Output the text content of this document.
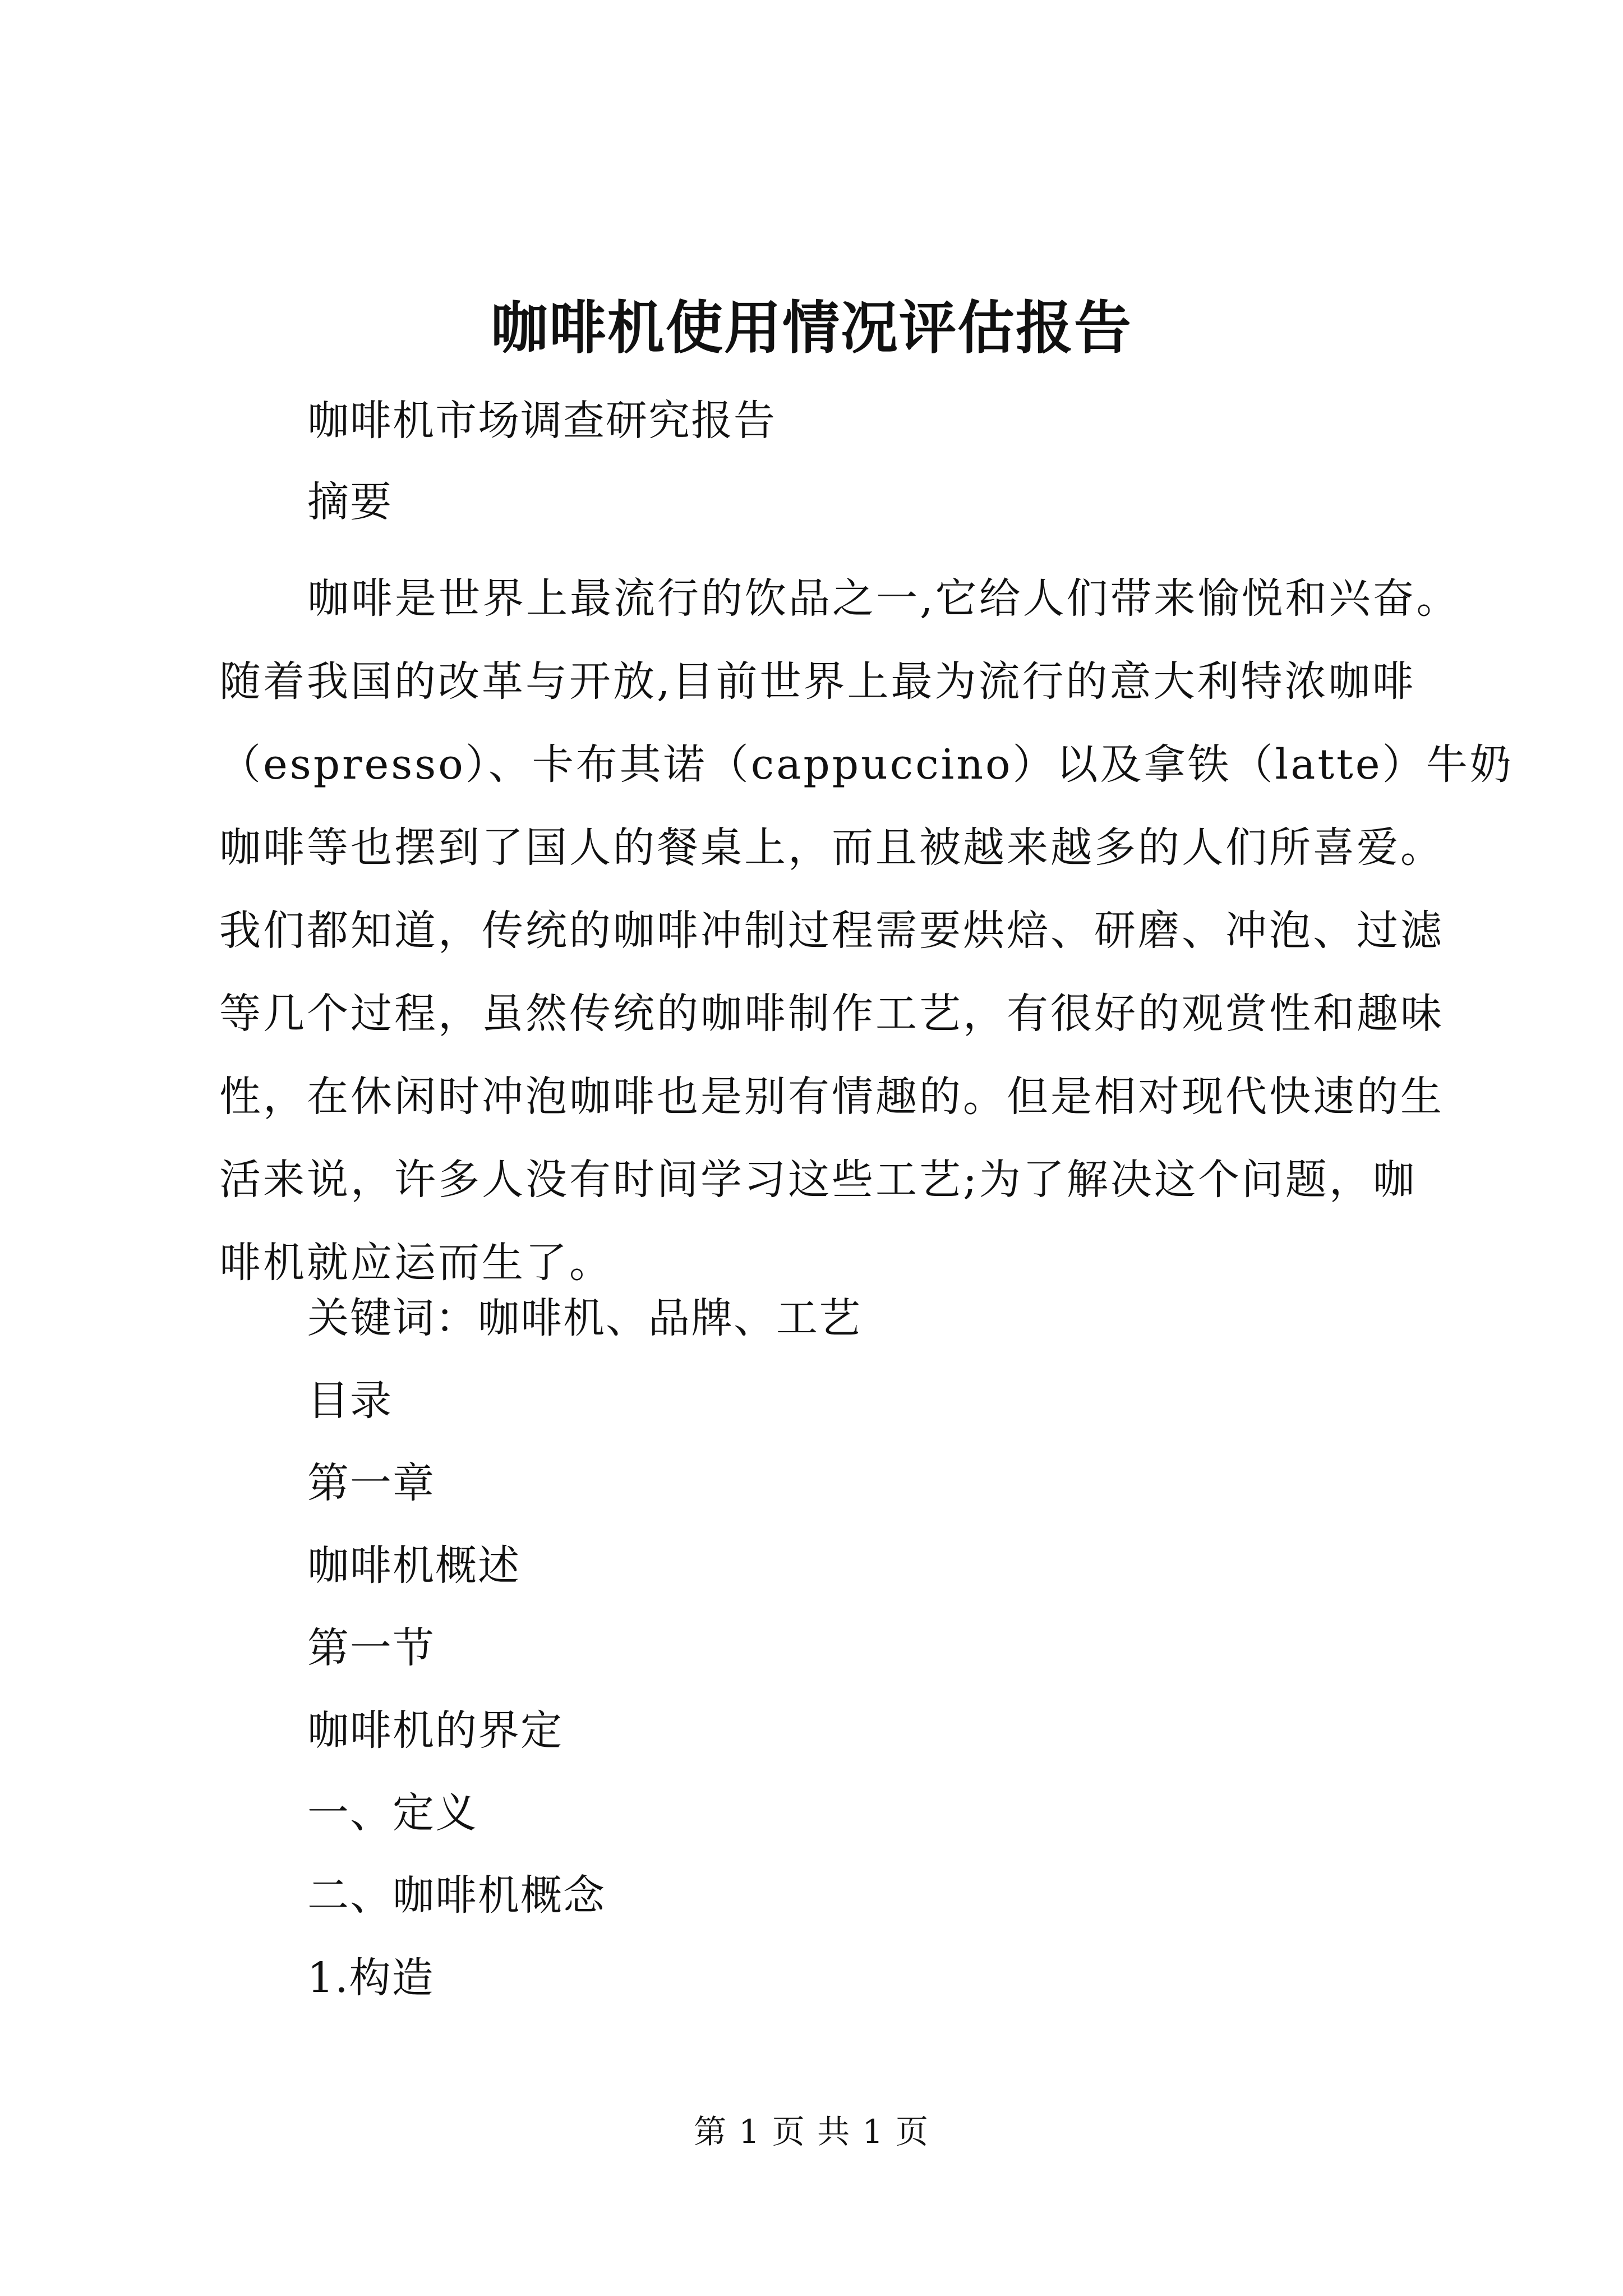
咖啡机使用情况评估报告
咖啡机市场调查研究报告
摘要
咖啡是世界上最流行的饮品之一,它给人们带来愉悦和兴奋。
随着我国的改革与开放,目前世界上最为流行的意大利特浓咖啡
（espresso）、卡布其诺（cappuccino）以及拿铁（latte）牛奶
咖啡等也摆到了国人的餐桌上，而且被越来越多的人们所喜爱。
我们都知道，传统的咖啡冲制过程需要烘焙、研磨、冲泡、过滤
等几个过程，虽然传统的咖啡制作工艺，有很好的观赏性和趣味
性，在休闲时冲泡咖啡也是别有情趣的。但是相对现代快速的生
活来说，许多人没有时间学习这些工艺;为了解决这个问题，咖
啡机就应运而生了。
关键词：咖啡机、品牌、工艺
目录
第一章
咖啡机概述
第一节
咖啡机的界定
一、定义
二、咖啡机概念
1.构造
第 1 页 共 1 页
